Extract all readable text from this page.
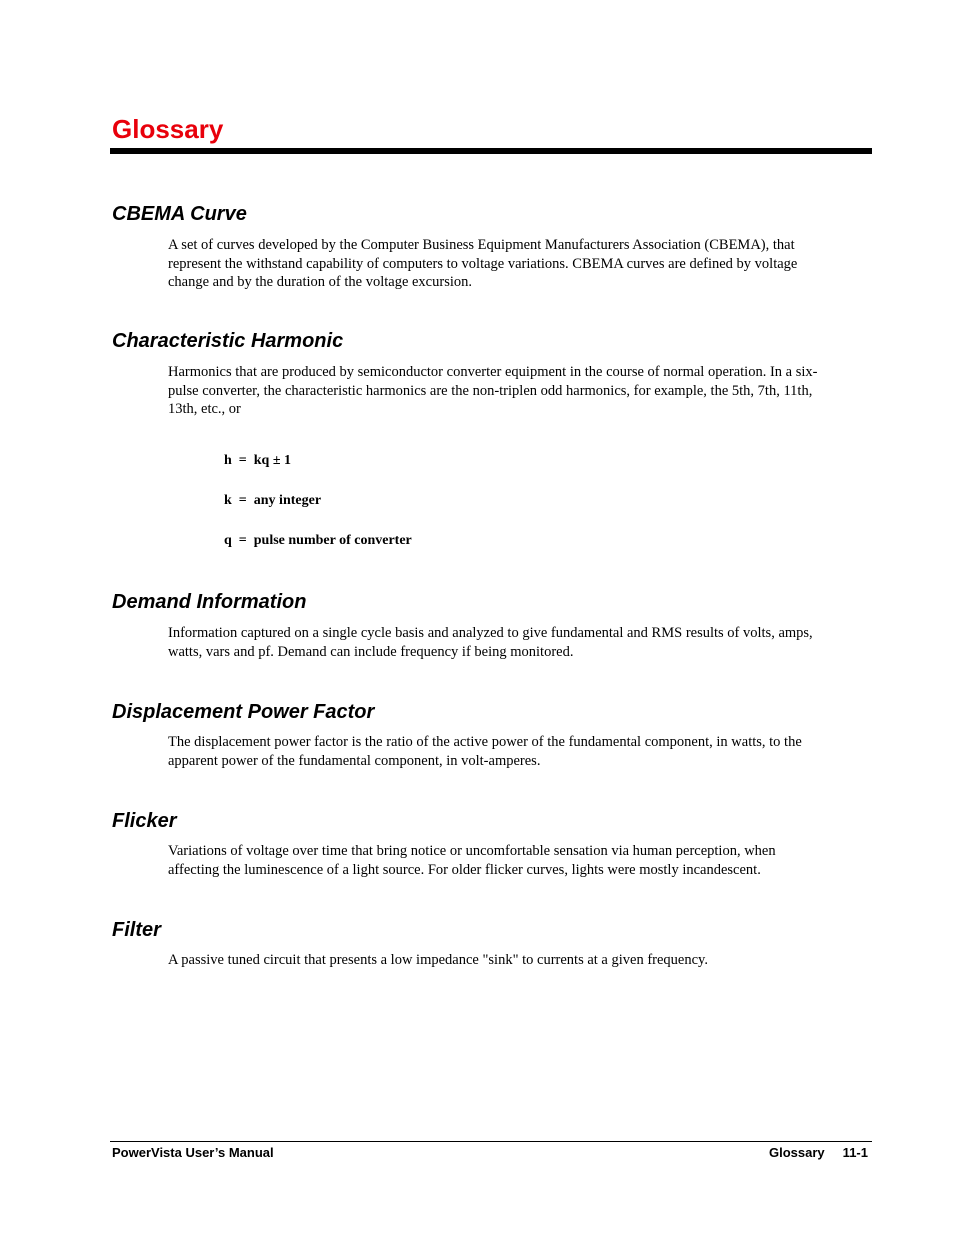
Glossary
CBEMA Curve
A set of curves developed by the Computer Business Equipment Manufacturers Association (CBEMA), that
represent the withstand capability of computers to voltage variations. CBEMA curves are defined by voltage
change and by the duration of the voltage excursion.
Characteristic Harmonic
Harmonics that are produced by semiconductor converter equipment in the course of normal operation. In a six-
pulse converter, the characteristic harmonics are the non-triplen odd harmonics, for example, the 5th, 7th, 11th,
13th, etc., or
h  =  kq ± 1
k  =  any integer
q  =  pulse number of converter
Demand Information
Information captured on a single cycle basis and analyzed to give fundamental and RMS results of volts, amps,
watts, vars and pf. Demand can include frequency if being monitored.
Displacement Power Factor
The displacement power factor is the ratio of the active power of the fundamental component, in watts, to the
apparent power of the fundamental component, in volt-amperes.
Flicker
Variations of voltage over time that bring notice or uncomfortable sensation via human perception, when
affecting the luminescence of a light source. For older flicker curves, lights were mostly incandescent.
Filter
A passive tuned circuit that presents a low impedance "sink" to currents at a given frequency.
PowerVista User’s Manual	Glossary     11-1
